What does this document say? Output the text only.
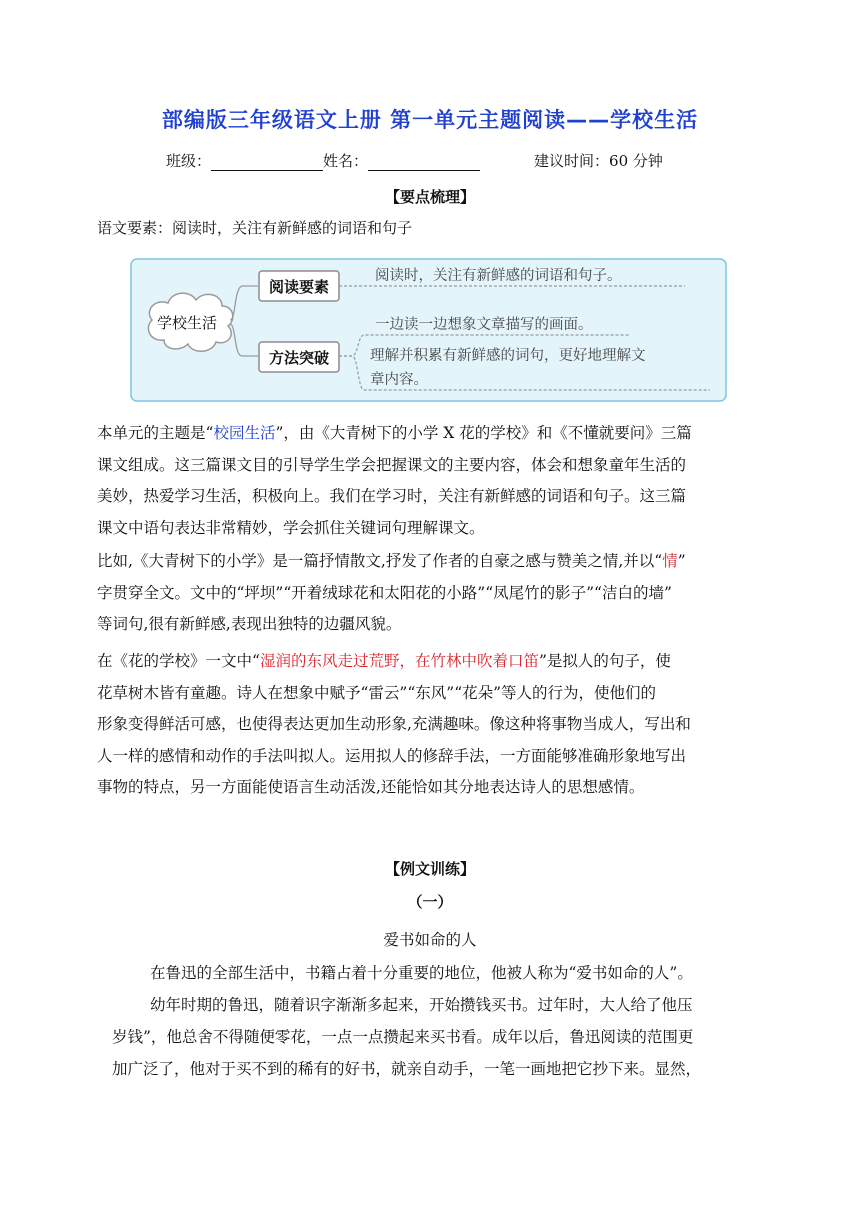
部编版三年级语文上册 第一单元主题阅读——学校生活
班级：	姓名：	建议时间：60 分钟
【要点梳理】
语文要素：阅读时，关注有新鲜感的词语和句子
学校生活
阅读要素
阅读时，关注有新鲜感的词语和句子。
方法突破
一边读一边想象文章描写的画面。
理解并积累有新鲜感的词句，更好地理解文
章内容。
本单元的主题是“校园生活”，由《大青树下的小学 X 花的学校》和《不懂就要问》三篇
课文组成。这三篇课文目的引导学生学会把握课文的主要内容，体会和想象童年生活的
美妙，热爱学习生活，积极向上。我们在学习时，关注有新鲜感的词语和句子。这三篇
课文中语句表达非常精妙，学会抓住关键词句理解课文。
比如,《大青树下的小学》是一篇抒情散文,抒发了作者的自豪之感与赞美之情,并以“情”
字贯穿全文。文中的“坪坝”“开着绒球花和太阳花的小路”“凤尾竹的影子”“洁白的墙”
等词句,很有新鲜感,表现出独特的边疆风貌。
在《花的学校》一文中“湿润的东风走过荒野，在竹林中吹着口笛”是拟人的句子，使
花草树木皆有童趣。诗人在想象中赋予“雷云”“东风”“花朵”等人的行为，使他们的
形象变得鲜活可感，也使得表达更加生动形象,充满趣味。像这种将事物当成人，写出和
人一样的感情和动作的手法叫拟人。运用拟人的修辞手法，一方面能够准确形象地写出
事物的特点，另一方面能使语言生动活泼,还能恰如其分地表达诗人的思想感情。
【例文训练】
（一）
爱书如命的人
在鲁迅的全部生活中，书籍占着十分重要的地位，他被人称为“爱书如命的人”。
幼年时期的鲁迅，随着识字渐渐多起来，开始攒钱买书。过年时，大人给了他压
岁钱”，他总舍不得随便零花，一点一点攒起来买书看。成年以后，鲁迅阅读的范围更
加广泛了，他对于买不到的稀有的好书，就亲自动手，一笔一画地把它抄下来。显然，
